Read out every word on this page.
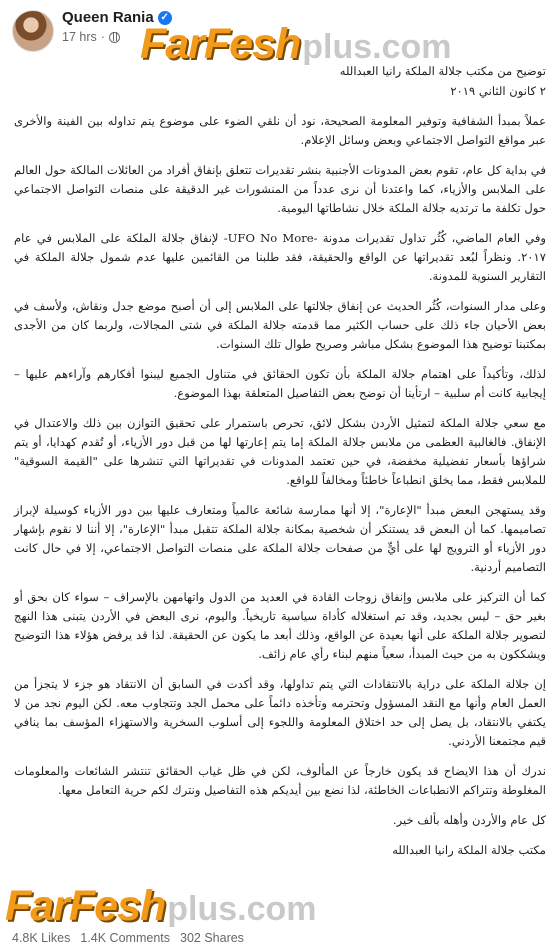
Queen Rania ✓
17 hrs · FarFesh plus.com

توضيح من مكتب جلالة الملكة رانيا العبدالله

٢ كانون الثاني ٢٠١٩

عملاً بمبدأ الشفافية وتوفير المعلومة الصحيحة، نود أن نلقي الضوء على موضوع يتم تداوله بين الفينة والأخرى عبر مواقع التواصل الاجتماعي وبعض وسائل الإعلام.

في بداية كل عام، تقوم بعض المدونات الأجنبية بنشر تقديرات تتعلق بإنفاق أفراد من العائلات المالكة حول العالم على الملابس والأزياء، كما واعتدنا أن نرى عدداً من المنشورات غير الدقيقة على منصات التواصل الاجتماعي حول تكلفة ما ترتديه جلالة الملكة خلال نشاطاتها اليومية.

وفي العام الماضي، كُثُر تداول تقديرات مدونة -UFO No More- لإنفاق جلالة الملكة على الملابس في عام ٢٠١٧. ونظراً لبُعد تقديراتها عن الواقع والحقيقة، فقد طلبنا من القائمين عليها عدم شمول جلالة الملكة في التقارير السنوية للمدونة.

وعلى مدار السنوات، كُثُر الحديث عن إنفاق جلالتها على الملابس إلى أن أصبح موضع جدل ونقاش، ولأسف في بعض الأحيان جاء ذلك على حساب الكثير مما قدمته جلالة الملكة في شتى المجالات، ولربما كان من الأجدى بمكتبنا توضيح هذا الموضوع بشكل مباشر وصريح طوال تلك السنوات.

لذلك، وتأكيداً على اهتمام جلالة الملكة بأن تكون الحقائق في متناول الجميع ليبنوا أفكارهم وآراءهم عليها – إيجابية كانت أم سلبية – ارتأينا أن نوضح بعض التفاصيل المتعلقة بهذا الموضوع.

مع سعي جلالة الملكة لتمثيل الأردن بشكل لائق، تحرص باستمرار على تحقيق التوازن بين ذلك والاعتدال في الإنفاق. فالغالبية العظمى من ملابس جلالة الملكة إما يتم إعارتها لها من قبل دور الأزياء، أو تُقدم كهدايا، أو يتم شراؤها بأسعار تفضيلية مخفضة، في حين تعتمد المدونات في تقديراتها التي تنشرها على "القيمة السوقية" للملابس فقط، مما يخلق انطباعاً خاطئاً ومخالفاً للواقع.

وقد يستهجن البعض مبدأ "الإعارة"، إلا أنها ممارسة شائعة عالمياً ومتعارف عليها بين دور الأزياء كوسيلة لإبراز تصاميمها. كما أن البعض قد يستنكر أن شخصية بمكانة جلالة الملكة تتقبل مبدأ "الإعارة"، إلا أننا لا نقوم بإشهار دور الأزياء أو الترويج لها على أيٍّ من صفحات جلالة الملكة على منصات التواصل الاجتماعي، إلا في حال كانت التصاميم أردنية.

كما أن التركيز على ملابس وإنفاق زوجات القادة في العديد من الدول واتهامهن بالإسراف – سواء كان بحق أو بغير حق – ليس بجديد، وقد تم استغلاله كأداة سياسية تاريخياً. واليوم، نرى البعض في الأردن يتبنى هذا النهج لتصوير جلالة الملكة على أنها بعيدة عن الواقع، وذلك أبعد ما يكون عن الحقيقة. لذا قد يرفض هؤلاء هذا التوضيح ويشككون به من حيث المبدأ، سعياً منهم لبناء رأي عام زائف.

إن جلالة الملكة على دراية بالانتقادات التي يتم تداولها، وقد أكدت في السابق أن الانتقاد هو جزء لا يتجزأ من العمل العام وأنها مع النقد المسؤول وتحترمه وتأخذه دائماً على محمل الجد وتتجاوب معه. لكن اليوم نجد من لا يكتفي بالانتقاد، بل يصل إلى حد اختلاق المعلومة واللجوء إلى أسلوب السخرية والاستهزاء المؤسف بما ينافي قيم مجتمعنا الأردني.

ندرك أن هذا الايضاح قد يكون خارجاً عن المألوف، لكن في ظل غياب الحقائق تنتشر الشائعات والمعلومات المغلوطة وتتراكم الانطباعات الخاطئة، لذا نضع بين أيديكم هذه التفاصيل ونترك لكم حرية التعامل معها.

كل عام والأردن وأهله بألف خير.

مكتب جلالة الملكة رانيا العبدالله

FarFesh plus.com
4.8K Likes 1.4K Comments 302 Shares
